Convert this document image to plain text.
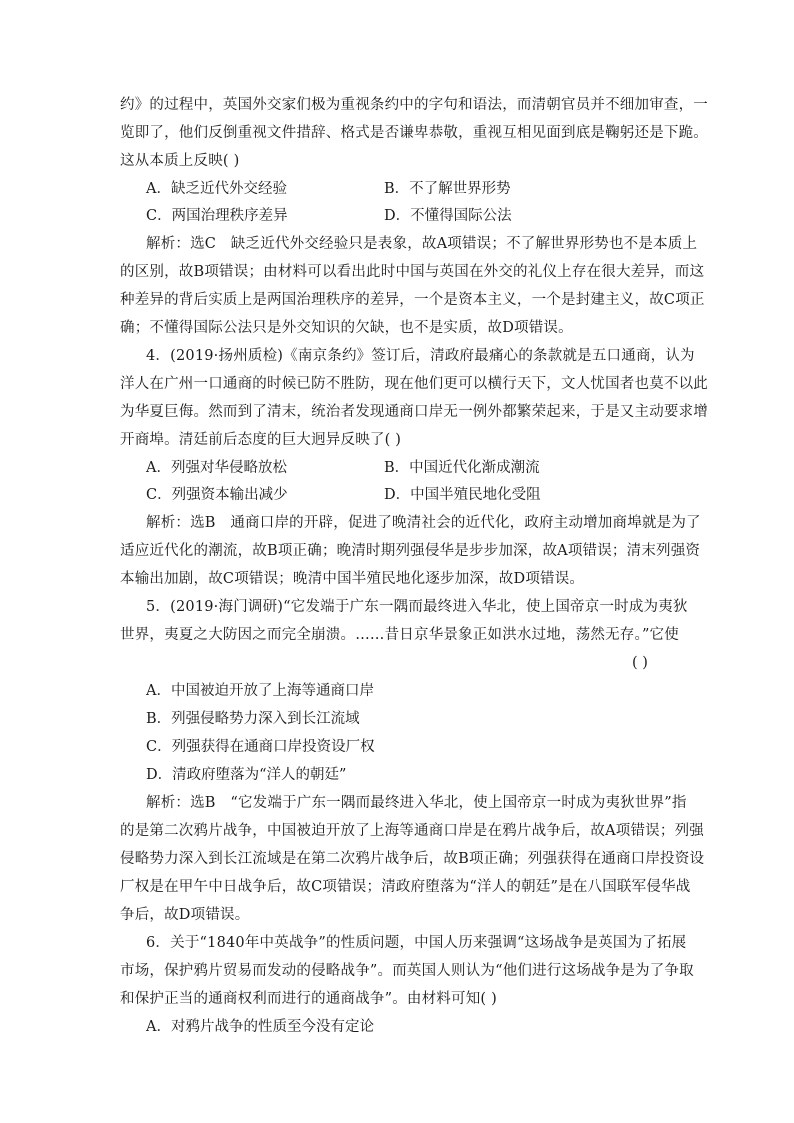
约》的过程中，英国外交家们极为重视条约中的字句和语法，而清朝官员并不细加审查，一
览即了，他们反倒重视文件措辞、格式是否谦卑恭敬，重视互相见面到底是鞠躬还是下跪。
这从本质上反映( )
A．缺乏近代外交经验	B．不了解世界形势
C．两国治理秩序差异	D．不懂得国际公法
解析：选C　缺乏近代外交经验只是表象，故A项错误；不了解世界形势也不是本质上
的区别，故B项错误；由材料可以看出此时中国与英国在外交的礼仪上存在很大差异，而这
种差异的背后实质上是两国治理秩序的差异，一个是资本主义，一个是封建主义，故C项正
确；不懂得国际公法只是外交知识的欠缺，也不是实质，故D项错误。
4．(2019·扬州质检)《南京条约》签订后，清政府最痛心的条款就是五口通商，认为
洋人在广州一口通商的时候已防不胜防，现在他们更可以横行天下，文人忧国者也莫不以此
为华夏巨侮。然而到了清末，统治者发现通商口岸无一例外都繁荣起来，于是又主动要求增
开商埠。清廷前后态度的巨大迥异反映了( )
A．列强对华侵略放松	B．中国近代化渐成潮流
C．列强资本输出减少	D．中国半殖民地化受阻
解析：选B　通商口岸的开辟，促进了晚清社会的近代化，政府主动增加商埠就是为了
适应近代化的潮流，故B项正确；晚清时期列强侵华是步步加深，故A项错误；清末列强资
本输出加剧，故C项错误；晚清中国半殖民地化逐步加深，故D项错误。
5．(2019·海门调研)“它发端于广东一隅而最终进入华北，使上国帝京一时成为夷狄
世界，夷夏之大防因之而完全崩溃。……昔日京华景象正如洪水过地，荡然无存。”它使
( )
A．中国被迫开放了上海等通商口岸
B．列强侵略势力深入到长江流域
C．列强获得在通商口岸投资设厂权
D．清政府堕落为“洋人的朝廷”
解析：选B　“它发端于广东一隅而最终进入华北，使上国帝京一时成为夷狄世界”指
的是第二次鸦片战争，中国被迫开放了上海等通商口岸是在鸦片战争后，故A项错误；列强
侵略势力深入到长江流域是在第二次鸦片战争后，故B项正确；列强获得在通商口岸投资设
厂权是在甲午中日战争后，故C项错误；清政府堕落为“洋人的朝廷”是在八国联军侵华战
争后，故D项错误。
6．关于“1840年中英战争”的性质问题，中国人历来强调“这场战争是英国为了拓展
市场，保护鸦片贸易而发动的侵略战争”。而英国人则认为“他们进行这场战争是为了争取
和保护正当的通商权利而进行的通商战争”。由材料可知( )
A．对鸦片战争的性质至今没有定论
